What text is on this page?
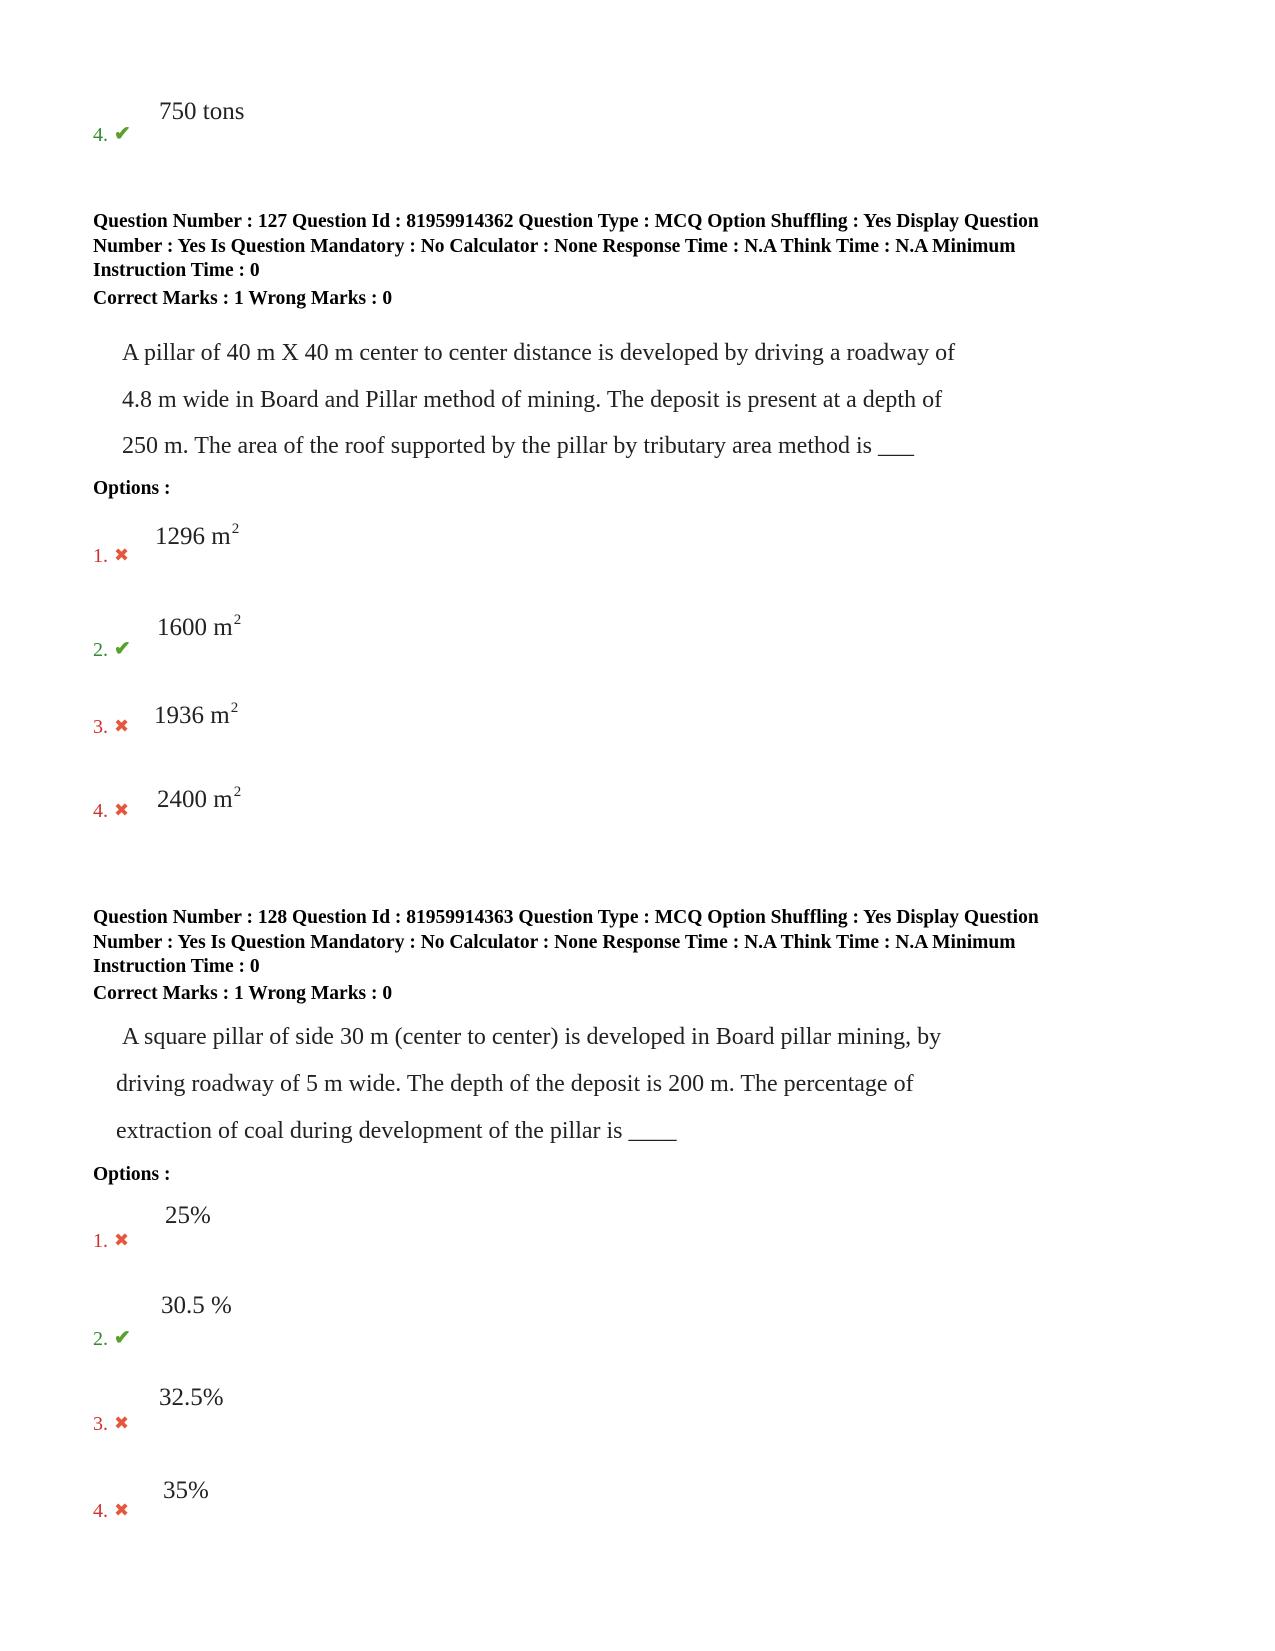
4. ✔
750 tons
Question Number : 127 Question Id : 81959914362 Question Type : MCQ Option Shuffling : Yes Display Question
Number : Yes Is Question Mandatory : No Calculator : None Response Time : N.A Think Time : N.A Minimum
Instruction Time : 0
Correct Marks : 1 Wrong Marks : 0
A pillar of 40 m X 40 m center to center distance is developed by driving a roadway of
4.8 m wide in Board and Pillar method of mining. The deposit is present at a depth of
250 m. The area of the roof supported by the pillar by tributary area method is ___
Options :
1. ✖
1296 $m^2$
2. ✔
1600 $m^2$
3. ✖ 1936 $m^2$
4. ✖ 2400 $m^2$
Question Number : 128 Question Id : 81959914363 Question Type : MCQ Option Shuffling : Yes Display Question
Number : Yes Is Question Mandatory : No Calculator : None Response Time : N.A Think Time : N.A Minimum
Instruction Time : 0
Correct Marks : 1 Wrong Marks : 0
A square pillar of side 30 m (center to center) is developed in Board pillar mining, by
driving roadway of 5 m wide. The depth of the deposit is 200 m. The percentage of
extraction of coal during development of the pillar is ____
Options :
1. ✖
25%
2. ✔
30.5 %
3. ✖
32.5%
4. ✖
35%
